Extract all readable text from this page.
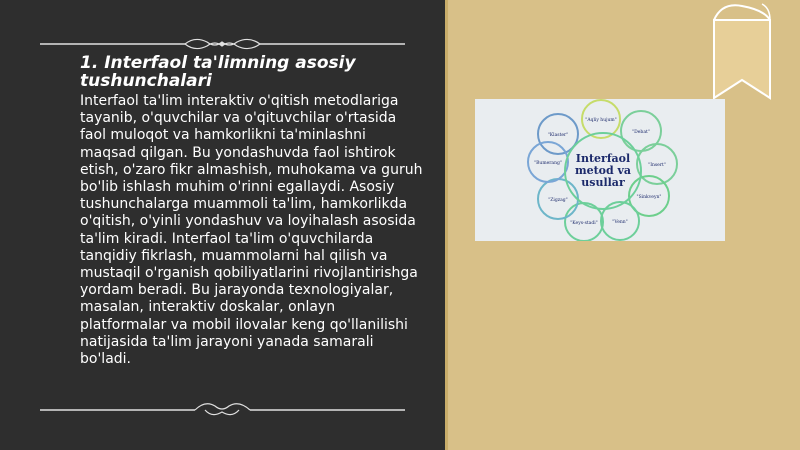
1. Interfaol ta'limning asosiy tushunchalari

Interfaol ta'lim interaktiv o'qitish metodlariga tayanib, o'quvchilar va o'qituvchilar o'rtasida faol muloqot va hamkorlikni ta'minlashni maqsad qilgan. Bu yondashuvda faol ishtirok etish, o'zaro fikr almashish, muhokama va guruh bo'lib ishlash muhim o'rinni egallaydi. Asosiy tushunchalarga muammoli ta'lim, hamkorlikda o'qitish, o'yinli yondashuv va loyihalash asosida ta'lim kiradi. Interfaol ta'lim o'quvchilarda tanqidiy fikrlash, muammolarni hal qilish va mustaqil o'rganish qobiliyatlarini rivojlantirishga yordam beradi. Bu jarayonda texnologiyalar, masalan, interaktiv doskalar, onlayn platformalar va mobil ilovalar keng qo'llanilishi natijasida ta'lim jarayoni yanada samarali bo'ladi.

Interfaol
metod va
usullar
"Klaster"
"Aqliy hujum"
"Debat"
"Insert"
"Sinkveyn"
"Venn"
"Keys-stadi"
"Zigzag"
"Bumerang"
